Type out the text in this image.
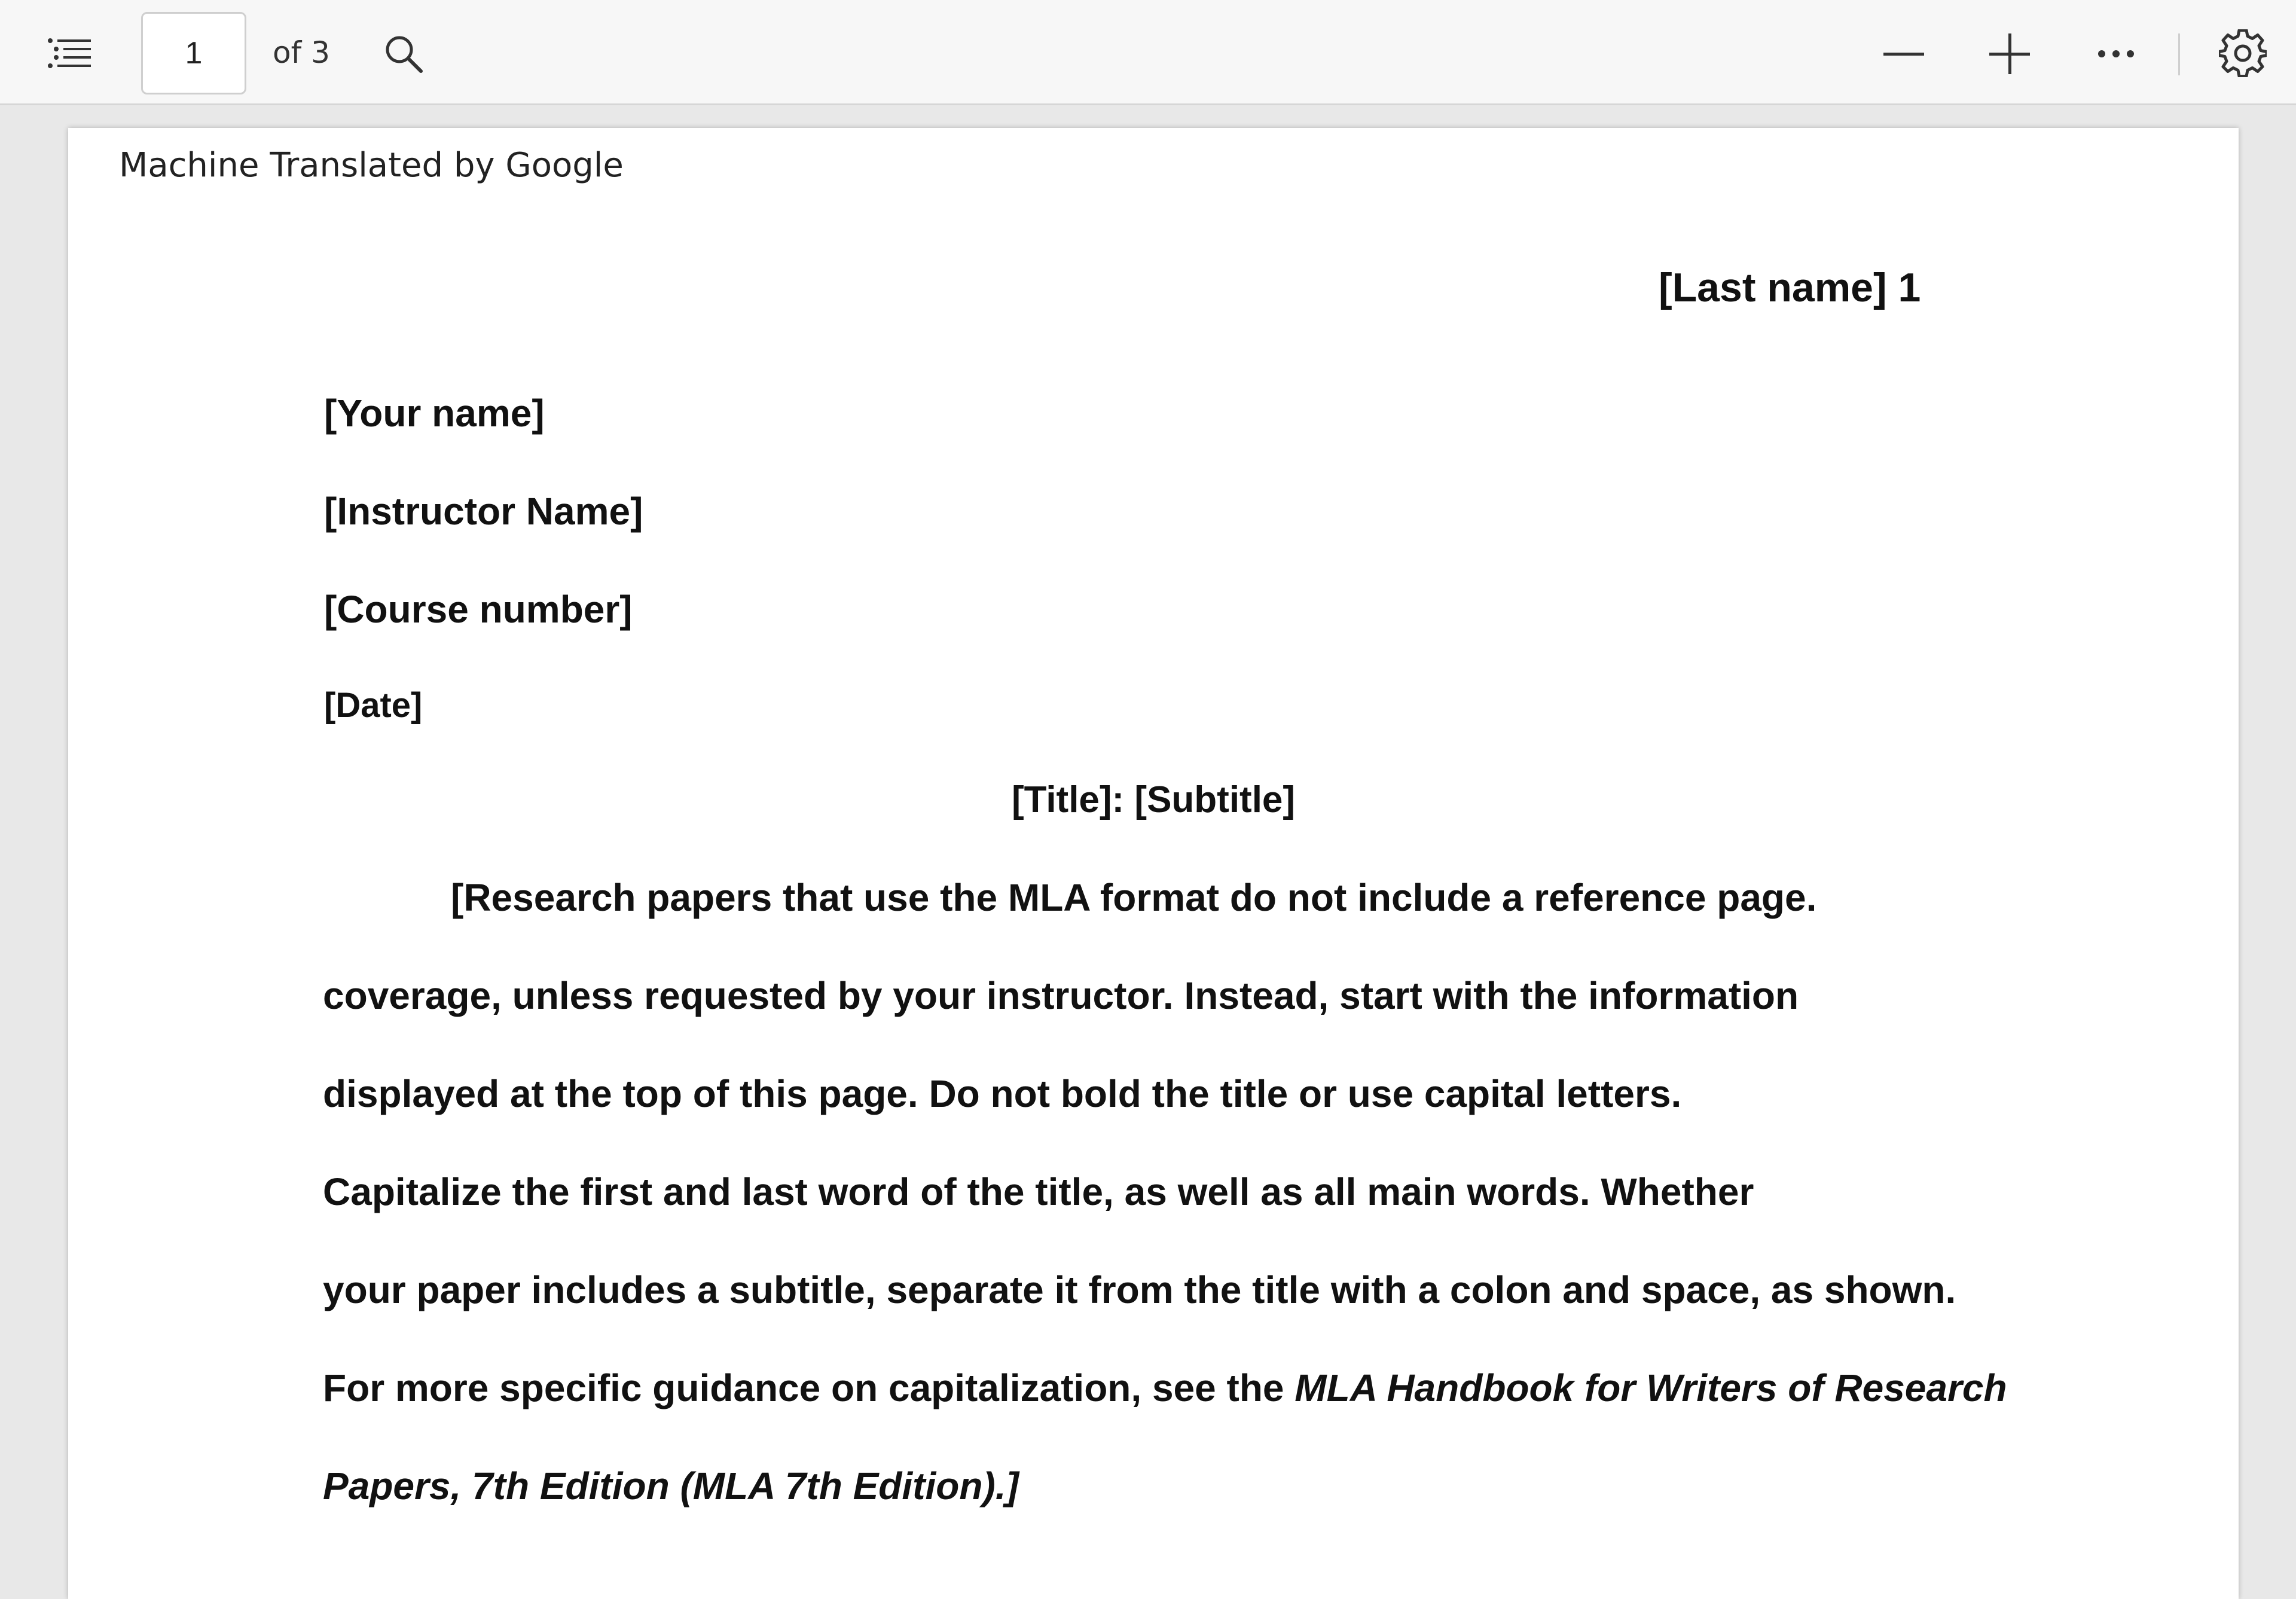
1	of 3
Machine Translated by Google
[Last name] 1
[Your name]
[Instructor Name]
[Course number]
[Date]
[Title]: [Subtitle]
[Research papers that use the MLA format do not include a reference page.
coverage, unless requested by your instructor. Instead, start with the information
displayed at the top of this page. Do not bold the title or use capital letters.
Capitalize the first and last word of the title, as well as all main words. Whether
your paper includes a subtitle, separate it from the title with a colon and space, as shown.
For more specific guidance on capitalization, see the MLA Handbook for Writers of Research
Papers, 7th Edition (MLA 7th Edition).]
